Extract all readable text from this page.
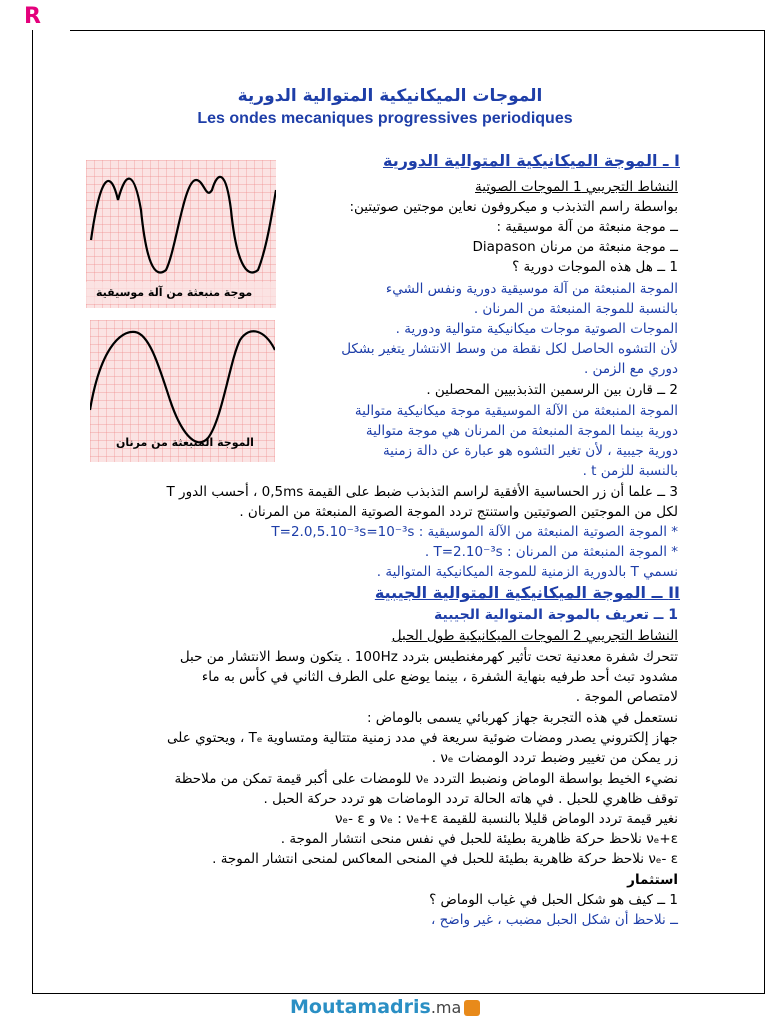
R
الموجات الميكانيكية المتوالية الدورية
Les ondes mecaniques progressives periodiques
موجة منبعثة من آلة موسيقية
الموجة المنبعثة من مرنان
I ـ الموجة الميكانيكية المتوالية الدورية
النشاط التجريبي 1 الموجات الصوتية
بواسطة راسم التذبذب و ميكروفون نعاين موجتين صوتيتين:
ــ موجة منبعثة من آلة موسيقية :
ــ موجة منبعثة من مرنان Diapason
1 ــ هل هذه الموجات دورية ؟
الموجة المنبعثة من آلة موسيقية دورية ونفس الشيء
بالنسبة للموجة المنبعثة من المرنان .
الموجات الصوتية موجات ميكانيكية متوالية ودورية .
لأن التشوه الحاصل لكل نقطة من وسط الانتشار يتغير بشكل
دوري مع الزمن .
2 ــ قارن بين الرسمين التذبذبيين المحصلين .
الموجة المنبعثة من الآلة الموسيقية موجة ميكانيكية متوالية
دورية بينما الموجة المنبعثة من المرنان هي موجة متوالية
دورية جيبية ، لأن تغير التشوه هو عبارة عن دالة زمنية
بالنسبة للزمن t .
3 ــ علما أن زر الحساسية الأفقية لراسم التذبذب ضبط على القيمة 0,5ms ، أحسب الدور T
لكل من الموجتين الصوتيتين واستنتج تردد الموجة الصوتية المنبعثة من المرنان .
* الموجة الصوتية المنبعثة من الآلة الموسيقية : T=2.0,5.10⁻³s=10⁻³s
* الموجة المنبعثة من المرنان : T=2.10⁻³s .
نسمي T بالدورية الزمنية للموجة الميكانيكية المتوالية .
II ــ الموجة الميكانيكية المتوالية الجيبية
1 ــ تعريف بالموجة المتوالية الجيبية
النشاط التجريبي 2 الموجات الميكانيكية طول الحبل
تتحرك شفرة معدنية تحت تأثير كهرمغنطيس بتردد 100Hz . يتكون وسط الانتشار من حبل
مشدود تبث أحد طرفيه بنهاية الشفرة ، بينما يوضع على الطرف الثاني في كأس به ماء
لامتصاص الموجة .
نستعمل في هذه التجربة جهاز كهربائي يسمى بالوماض :
جهاز إلكتروني يصدر ومضات ضوئية سريعة في مدد زمنية متتالية ومتساوية Tₑ ، ويحتوي على
زر يمكن من تغيير وضبط تردد الومضات νₑ .
نضيء الخيط بواسطة الوماض ونضبط التردد νₑ للومضات على أكبر قيمة تمكن من ملاحظة
توقف ظاهري للحبل . في هاته الحالة تردد الوماضات هو تردد حركة الحبل .
نغير قيمة تردد الوماض قليلا بالنسبة للقيمة νₑ : νₑ+ε و νₑ- ε
νₑ+ε نلاحظ حركة ظاهرية بطيئة للحبل في نفس منحى انتشار الموجة .
νₑ- ε نلاحظ حركة ظاهرية بطيئة للحبل في المنحى المعاكس لمنحى انتشار الموجة .
استثمار
1 ــ كيف هو شكل الحبل في غياب الوماض ؟
ــ نلاحظ أن شكل الحبل مضبب ، غير واضح ،
Moutamadris.ma
